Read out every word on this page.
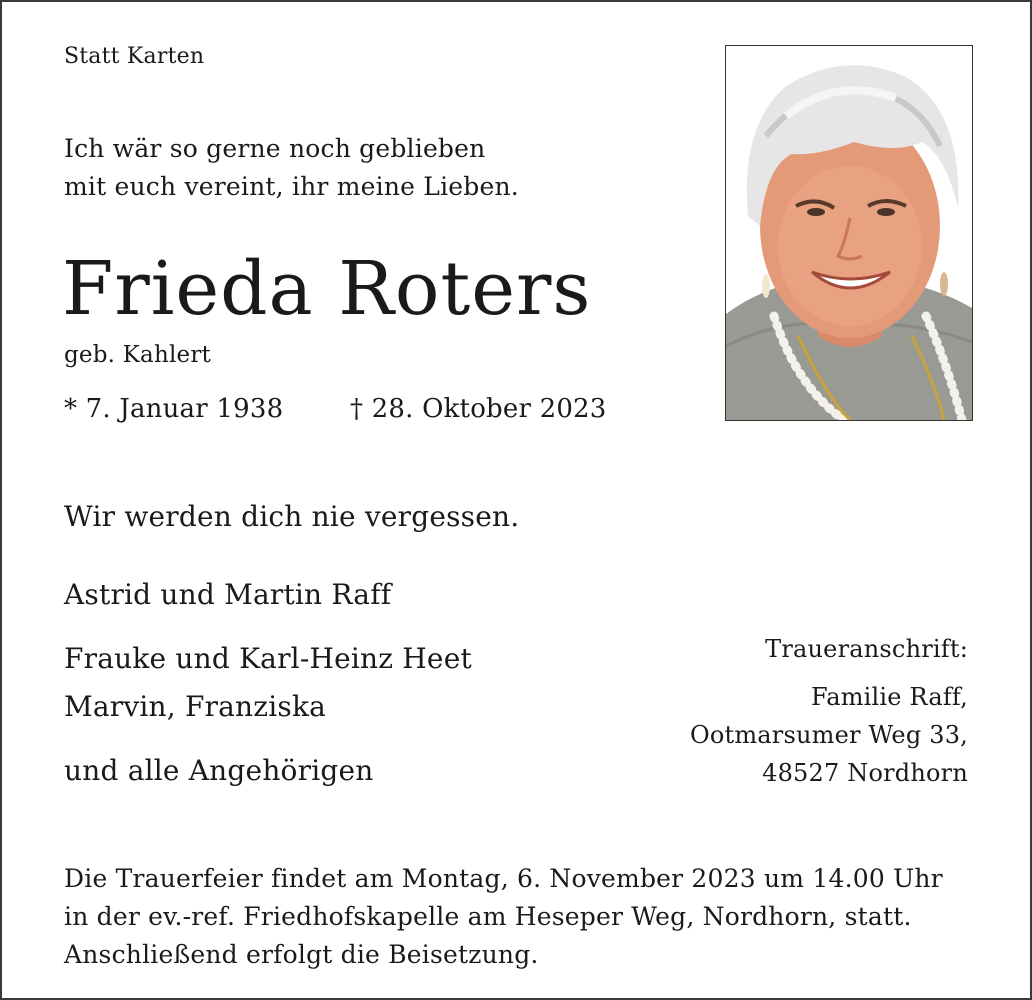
Statt Karten
Ich wär so gerne noch geblieben
mit euch vereint, ihr meine Lieben.
Frieda Roters
geb. Kahlert
* 7. Januar 1938	† 28. Oktober 2023
Wir werden dich nie vergessen.
Astrid und Martin Raff
Frauke und Karl-Heinz Heet
Marvin, Franziska
und alle Angehörigen
Traueranschrift:
Familie Raff,
Ootmarsumer Weg 33,
48527 Nordhorn
Die Trauerfeier findet am Montag, 6. November 2023 um 14.00 Uhr
in der ev.-ref. Friedhofskapelle am Heseper Weg, Nordhorn, statt.
Anschließend erfolgt die Beisetzung.
